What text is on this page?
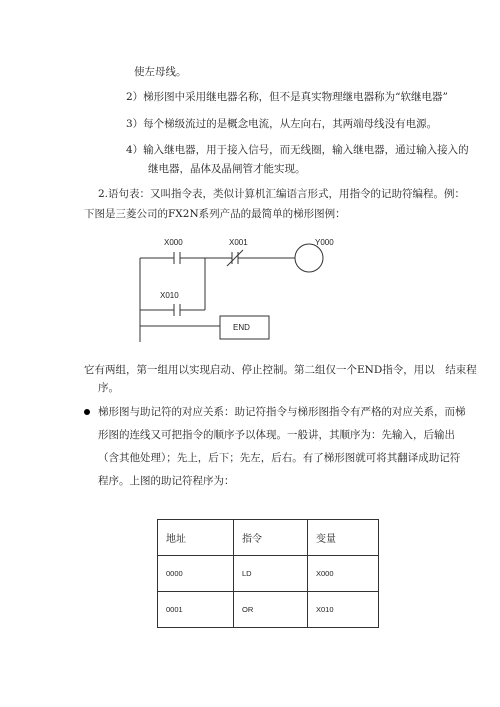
使左母线。
2）梯形图中采用继电器名称，但不是真实物理继电器称为“软继电器”
3）每个梯级流过的是概念电流，从左向右，其两端母线没有电源。
4）输入继电器，用于接入信号，而无线圈，输入继电器，通过输入接入的
继电器，晶体及晶闸管才能实现。
2.语句表：又叫指令表，类似计算机汇编语言形式，用指令的记助符编程。例：
下图是三菱公司的FX2N系列产品的最简单的梯形图例：
X000	X001	Y000
X010
END
它有两组，第一组用以实现启动、停止控制。第二组仅一个END指令，用以　结束程
序。
梯形图与助记符的对应关系：助记符指令与梯形图指令有严格的对应关系，而梯
形图的连线又可把指令的顺序予以体现。一般讲，其顺序为：先输入，后输出
（含其他处理）；先上，后下；先左，后右。有了梯形图就可将其翻译成助记符
程序。上图的助记符程序为：
地址	指令	变量
0000	LD	X000
0001	OR	X010
